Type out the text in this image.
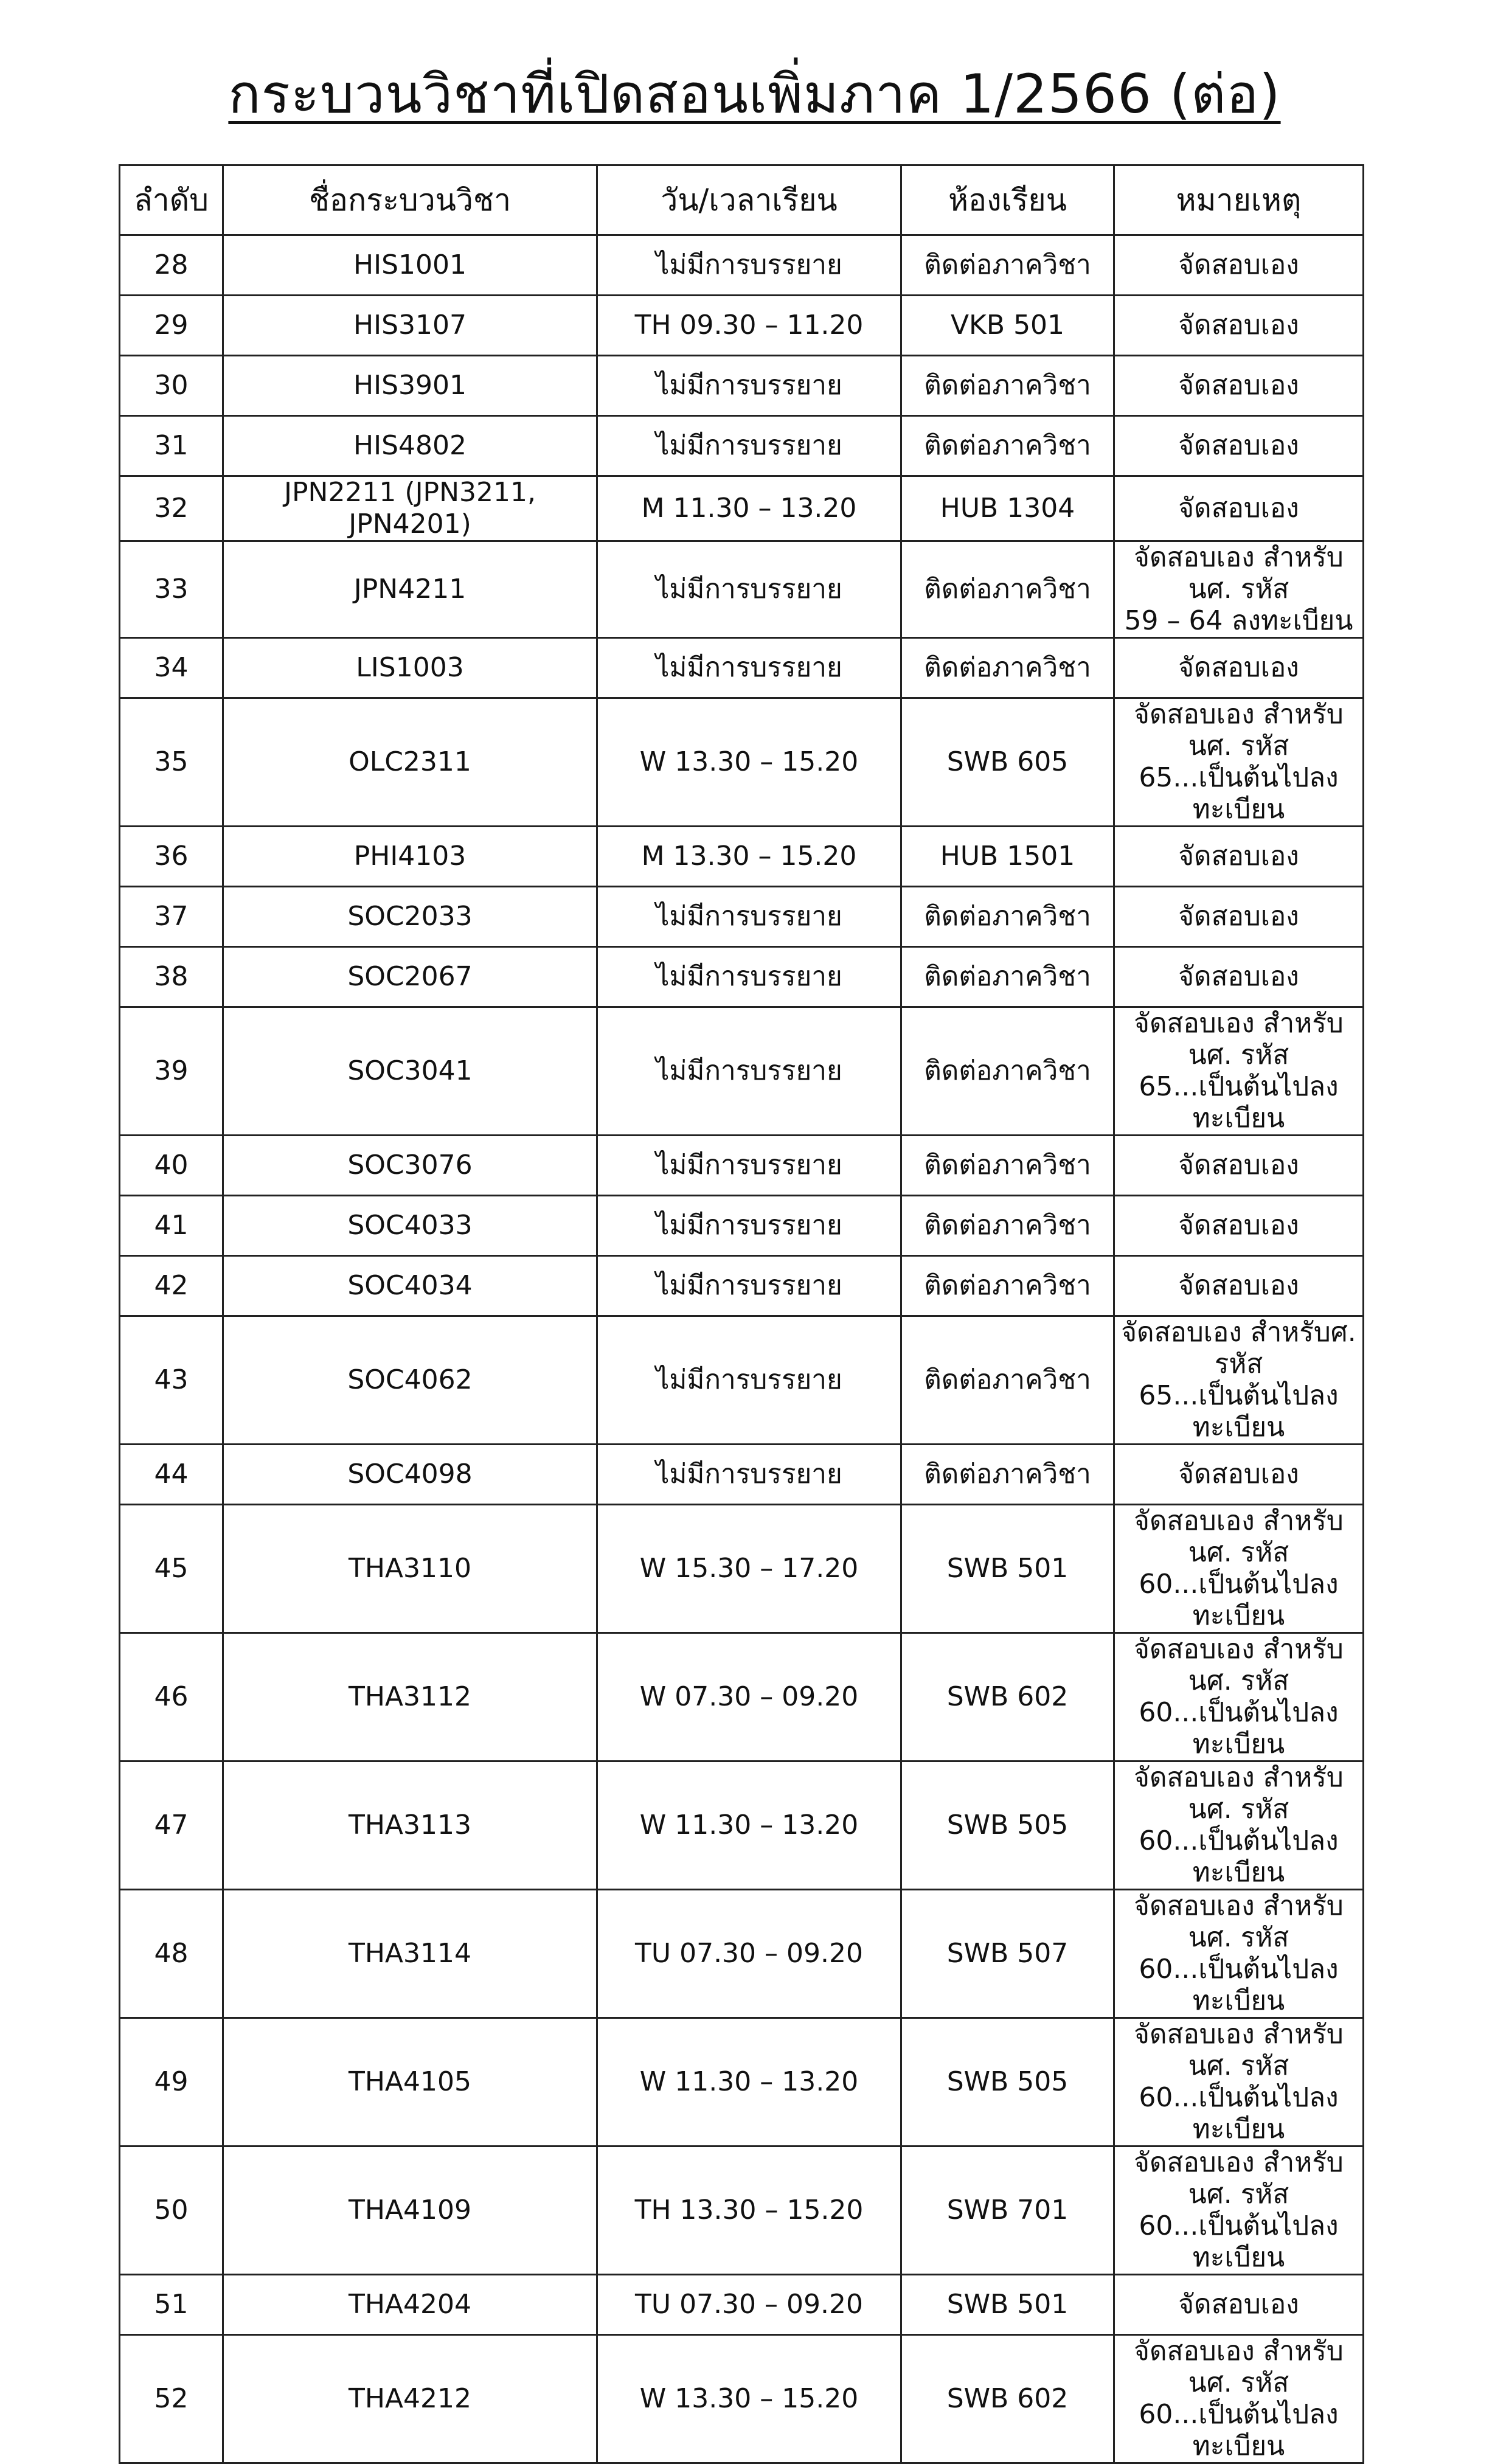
กระบวนวิชาที่เปิดสอนเพิ่มภาค 1/2566 (ต่อ)
ลำดับ	ชื่อกระบวนวิชา	วัน/เวลาเรียน	ห้องเรียน	หมายเหตุ
28	HIS1001	ไม่มีการบรรยาย	ติดต่อภาควิชา	จัดสอบเอง

29	HIS3107	TH 09.30 – 11.20	VKB 501	จัดสอบเอง

30	HIS3901	ไม่มีการบรรยาย	ติดต่อภาควิชา	จัดสอบเอง

31	HIS4802	ไม่มีการบรรยาย	ติดต่อภาควิชา	จัดสอบเอง

32	JPN2211 (JPN3211, JPN4201)	M 11.30 – 13.20	HUB 1304	จัดสอบเอง

33	JPN4211	ไม่มีการบรรยาย	ติดต่อภาควิชา	จัดสอบเอง สำหรับนศ. รหัส
59 – 64 ลงทะเบียน

34	LIS1003	ไม่มีการบรรยาย	ติดต่อภาควิชา	จัดสอบเอง

35	OLC2311	W 13.30 – 15.20	SWB 605	จัดสอบเอง สำหรับนศ. รหัส
65...เป็นต้นไปลงทะเบียน

36	PHI4103	M 13.30 – 15.20	HUB 1501	จัดสอบเอง

37	SOC2033	ไม่มีการบรรยาย	ติดต่อภาควิชา	จัดสอบเอง

38	SOC2067	ไม่มีการบรรยาย	ติดต่อภาควิชา	จัดสอบเอง

39	SOC3041	ไม่มีการบรรยาย	ติดต่อภาควิชา	จัดสอบเอง สำหรับนศ. รหัส
65...เป็นต้นไปลงทะเบียน

40	SOC3076	ไม่มีการบรรยาย	ติดต่อภาควิชา	จัดสอบเอง

41	SOC4033	ไม่มีการบรรยาย	ติดต่อภาควิชา	จัดสอบเอง

42	SOC4034	ไม่มีการบรรยาย	ติดต่อภาควิชา	จัดสอบเอง

43	SOC4062	ไม่มีการบรรยาย	ติดต่อภาควิชา	จัดสอบเอง สำหรับศ. รหัส
65...เป็นต้นไปลงทะเบียน

44	SOC4098	ไม่มีการบรรยาย	ติดต่อภาควิชา	จัดสอบเอง

45	THA3110	W 15.30 – 17.20	SWB 501	จัดสอบเอง สำหรับนศ. รหัส
60...เป็นต้นไปลงทะเบียน

46	THA3112	W 07.30 – 09.20	SWB 602	จัดสอบเอง สำหรับนศ. รหัส
60...เป็นต้นไปลงทะเบียน

47	THA3113	W 11.30 – 13.20	SWB 505	จัดสอบเอง สำหรับนศ. รหัส
60...เป็นต้นไปลงทะเบียน

48	THA3114	TU 07.30 – 09.20	SWB 507	จัดสอบเอง สำหรับนศ. รหัส
60...เป็นต้นไปลงทะเบียน

49	THA4105	W 11.30 – 13.20	SWB 505	จัดสอบเอง สำหรับนศ. รหัส
60...เป็นต้นไปลงทะเบียน

50	THA4109	TH 13.30 – 15.20	SWB 701	จัดสอบเอง สำหรับนศ. รหัส
60...เป็นต้นไปลงทะเบียน

51	THA4204	TU 07.30 – 09.20	SWB 501	จัดสอบเอง

52	THA4212	W 13.30 – 15.20	SWB 602	จัดสอบเอง สำหรับนศ. รหัส
60...เป็นต้นไปลงทะเบียน
